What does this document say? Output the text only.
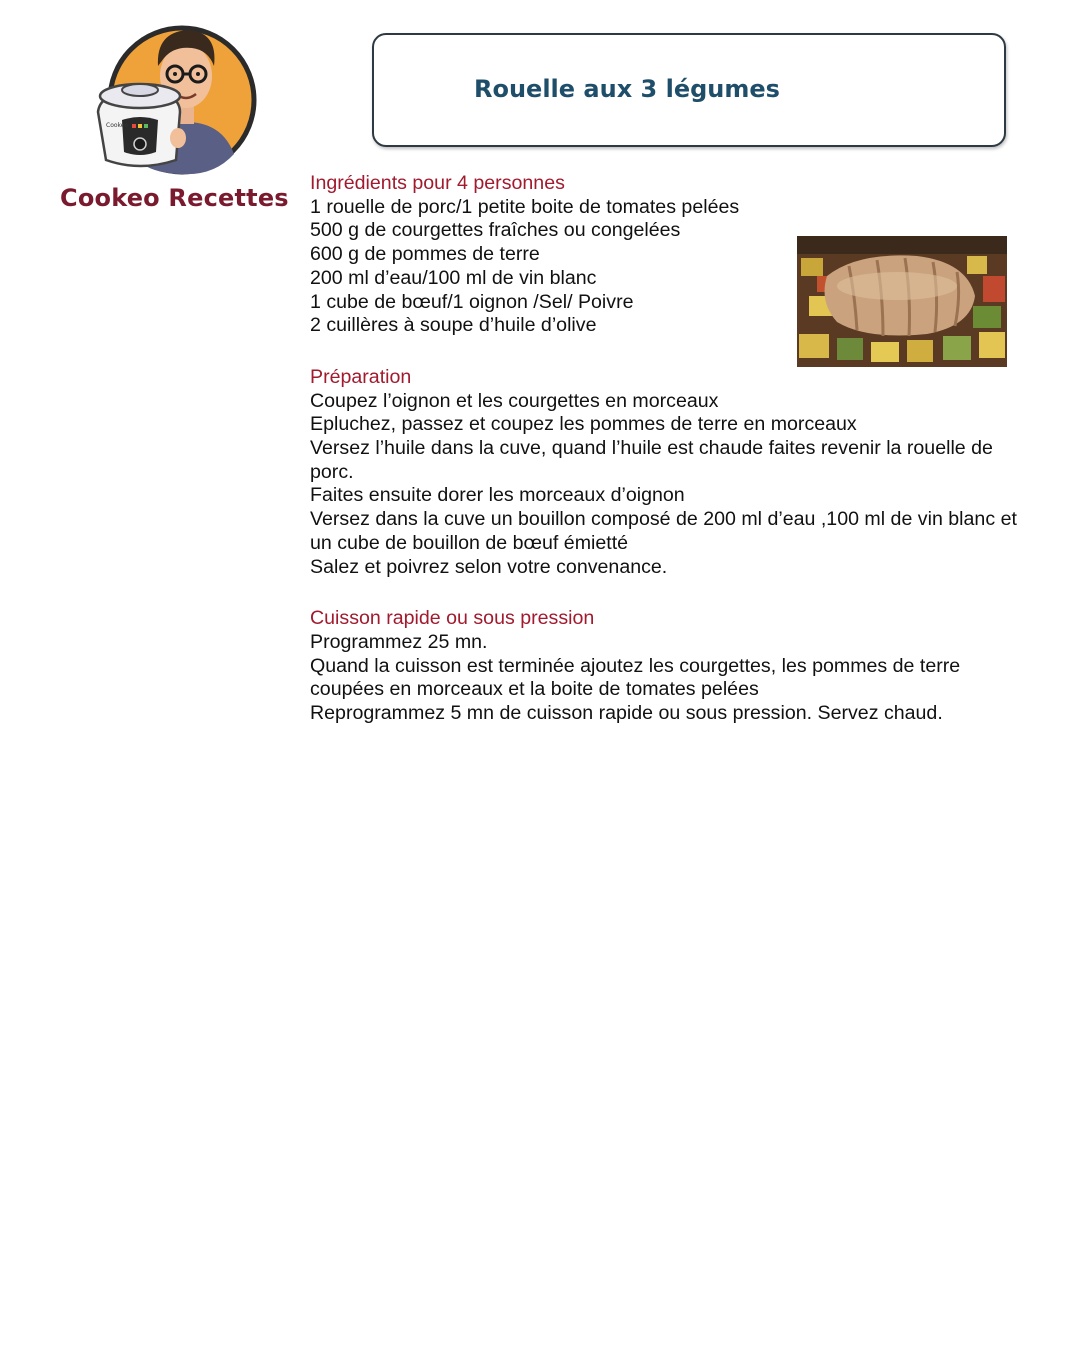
Cookeo
Cookeo Recettes
Rouelle aux 3 légumes

Ingrédients pour 4 personnes

1 rouelle de porc/1 petite boite de tomates pelées

500 g de courgettes fraîches ou congelées

600 g de pommes de terre

200 ml d’eau/100 ml de vin blanc

1 cube de bœuf/1 oignon /Sel/ Poivre

2 cuillères à soupe d’huile d’olive

Préparation

Coupez l’oignon et les courgettes en morceaux

Epluchez, passez et coupez les pommes de terre en morceaux

Versez l’huile dans la cuve, quand l’huile est chaude faites revenir la rouelle de porc.

Faites ensuite dorer les morceaux d’oignon

Versez dans la cuve un bouillon composé de 200 ml d’eau ,100 ml de vin blanc et un cube de bouillon de bœuf émietté

Salez et poivrez selon votre convenance.

Cuisson rapide ou sous pression

Programmez 25 mn.

Quand la cuisson est terminée ajoutez les courgettes, les pommes de terre coupées en morceaux et la boite de tomates pelées

Reprogrammez 5 mn de cuisson rapide ou sous pression. Servez chaud.
